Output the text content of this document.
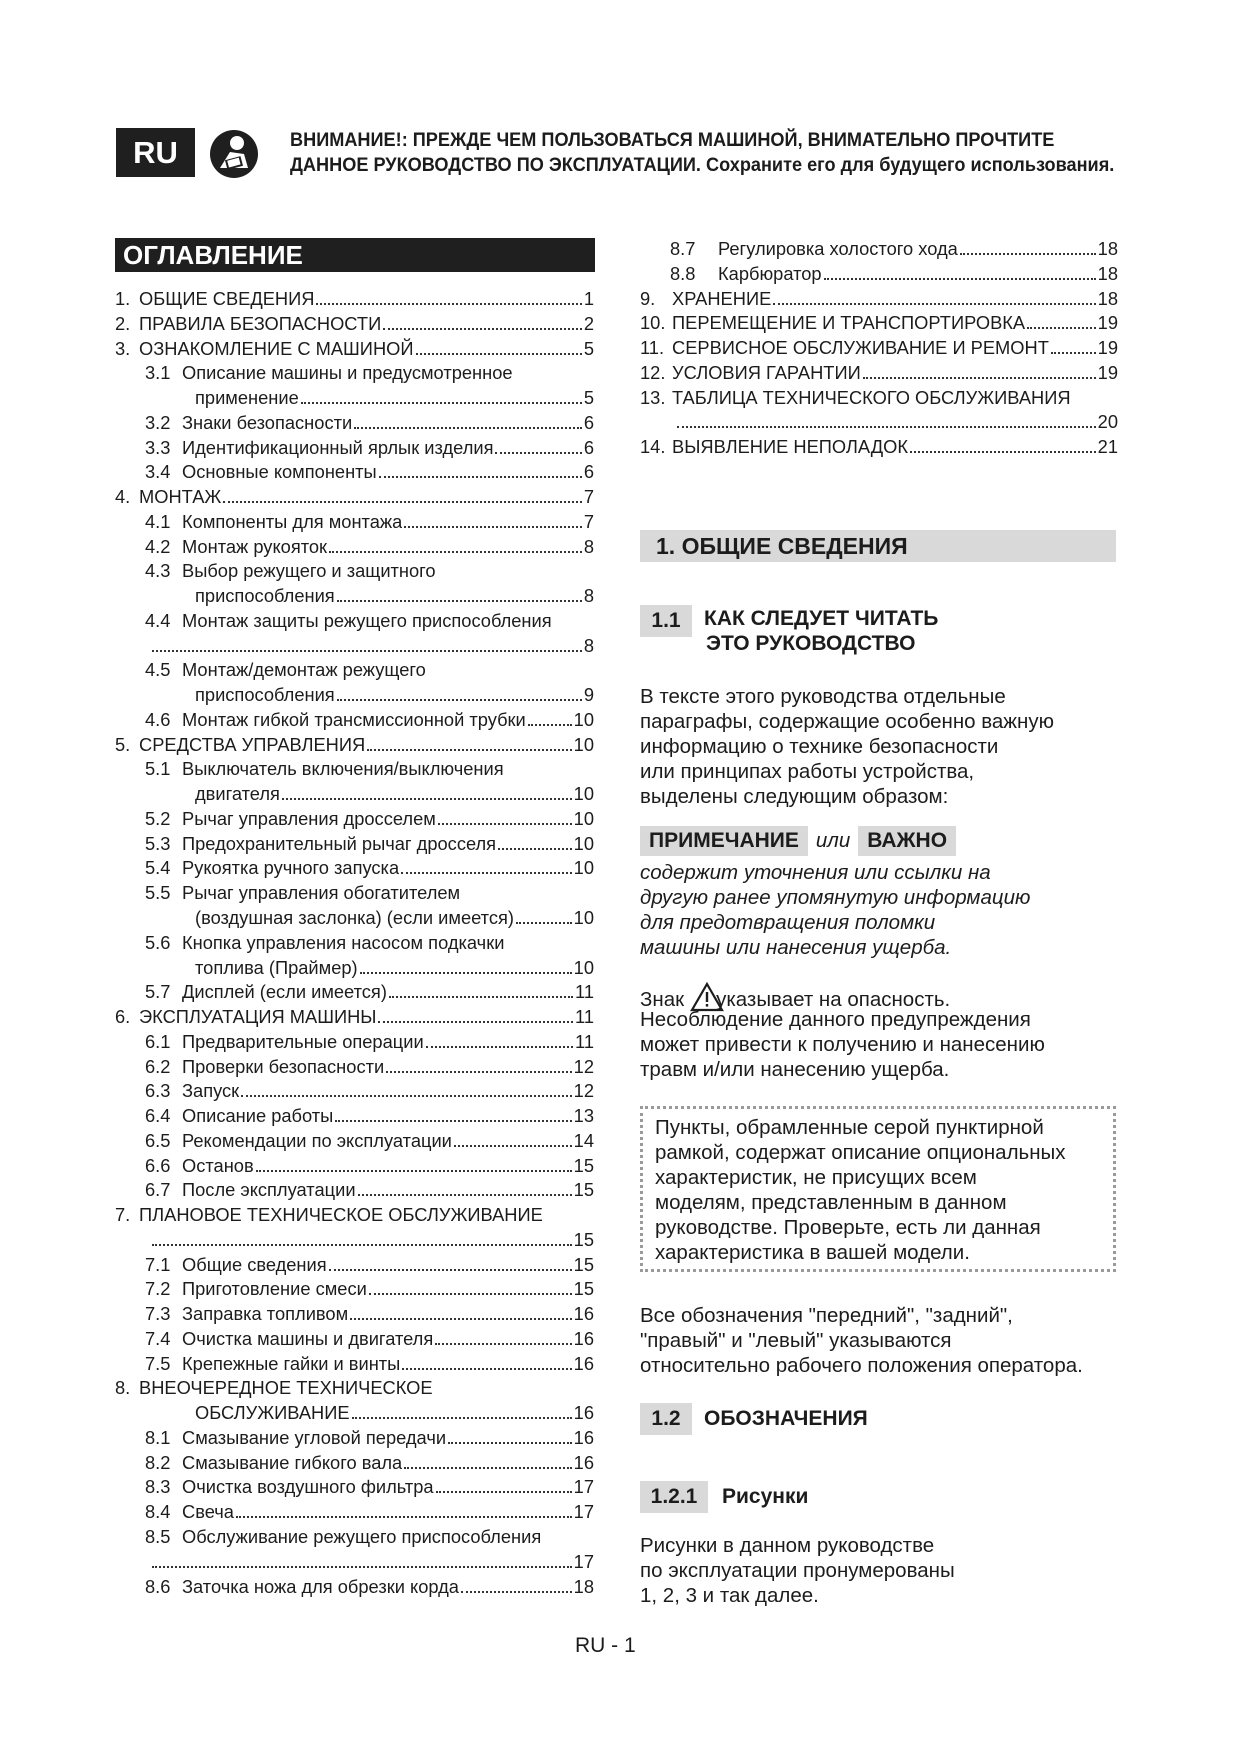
RU	ВНИМАНИЕ!: ПРЕЖДЕ ЧЕМ ПОЛЬЗОВАТЬСЯ МАШИНОЙ, ВНИМАТЕЛЬНО ПРОЧТИТЕ
ДАННОЕ РУКОВОДСТВО ПО ЭКСПЛУАТАЦИИ. Сохраните его для будущего использования.
ОГЛАВЛЕНИЕ
1. ОБЩИЕ СВЕДЕНИЯ	1
2. ПРАВИЛА БЕЗОПАСНОСТИ	2
3. ОЗНАКОМЛЕНИЕ С МАШИНОЙ	5
3.1 Описание машины и предусмотренное
применение	5
3.2 Знаки безопасности	6
3.3 Идентификационный ярлык изделия	6
3.4 Основные компоненты	6
4. МОНТАЖ	7
4.1 Компоненты для монтажа	7
4.2 Монтаж рукояток	8
4.3 Выбор режущего и защитного
приспособления	8
4.4 Монтаж защиты режущего приспособления
8
4.5 Монтаж/демонтаж режущего
приспособления	9
4.6 Монтаж гибкой трансмиссионной трубки	10
5. СРЕДСТВА УПРАВЛЕНИЯ	10
5.1 Выключатель включения/выключения
двигателя	10
5.2 Рычаг управления дросселем	10
5.3 Предохранительный рычаг дросселя	10
5.4 Рукоятка ручного запуска	10
5.5 Рычаг управления обогатителем
(воздушная заслонка) (если имеется)	10
5.6 Кнопка управления насосом подкачки
топлива (Праймер)	10
5.7 Дисплей (если имеется)	11
6. ЭКСПЛУАТАЦИЯ МАШИНЫ	11
6.1 Предварительные операции	11
6.2 Проверки безопасности	12
6.3 Запуск	12
6.4 Описание работы	13
6.5 Рекомендации по эксплуатации	14
6.6 Останов	15
6.7 После эксплуатации	15
7. ПЛАНОВОЕ ТЕХНИЧЕСКОЕ ОБСЛУЖИВАНИЕ
15
7.1 Общие сведения	15
7.2 Приготовление смеси	15
7.3 Заправка топливом	16
7.4 Очистка машины и двигателя	16
7.5 Крепежные гайки и винты	16
8. ВНЕОЧЕРЕДНОЕ ТЕХНИЧЕСКОЕ
ОБСЛУЖИВАНИЕ	16
8.1 Смазывание угловой передачи	16
8.2 Смазывание гибкого вала	16
8.3 Очистка воздушного фильтра	17
8.4 Свеча	17
8.5 Обслуживание режущего приспособления
17
8.6 Заточка ножа для обрезки корда	18
8.7	Регулировка холостого хода	18
8.8	Карбюратор	18
9. ХРАНЕНИЕ	18
10. ПЕРЕМЕЩЕНИЕ И ТРАНСПОРТИРОВКА	19
11. СЕРВИСНОЕ ОБСЛУЖИВАНИЕ И РЕМОНТ	19
12. УСЛОВИЯ ГАРАНТИИ	19
13. ТАБЛИЦА ТЕХНИЧЕСКОГО ОБСЛУЖИВАНИЯ
20
14. ВЫЯВЛЕНИЕ НЕПОЛАДОК	21
1. ОБЩИЕ СВЕДЕНИЯ
1.1	КАК СЛЕДУЕТ ЧИТАТЬ
ЭТО РУКОВОДСТВО
В тексте этого руководства отдельные
параграфы, содержащие особенно важную
информацию о технике безопасности
или принципах работы устройства,
выделены следующим образом:
ПРИМЕЧАНИЕ или ВАЖНО
содержит уточнения или ссылки на
другую ранее упомянутую информацию
для предотвращения поломки
машины или нанесения ущерба.
Знак указывает на опасность.
Несоблюдение данного предупреждения
может привести к получению и нанесению
травм и/или нанесению ущерба.
Пункты, обрамленные серой пунктирной
рамкой, содержат описание опциональных
характеристик, не присущих всем
моделям, представленным в данном
руководстве. Проверьте, есть ли данная
характеристика в вашей модели.
Все обозначения "передний", "задний",
"правый" и "левый" указываются
относительно рабочего положения оператора.
1.2	ОБОЗНАЧЕНИЯ
1.2.1	Рисунки
Рисунки в данном руководстве
по эксплуатации пронумерованы
1, 2, 3 и так далее.
RU - 1
